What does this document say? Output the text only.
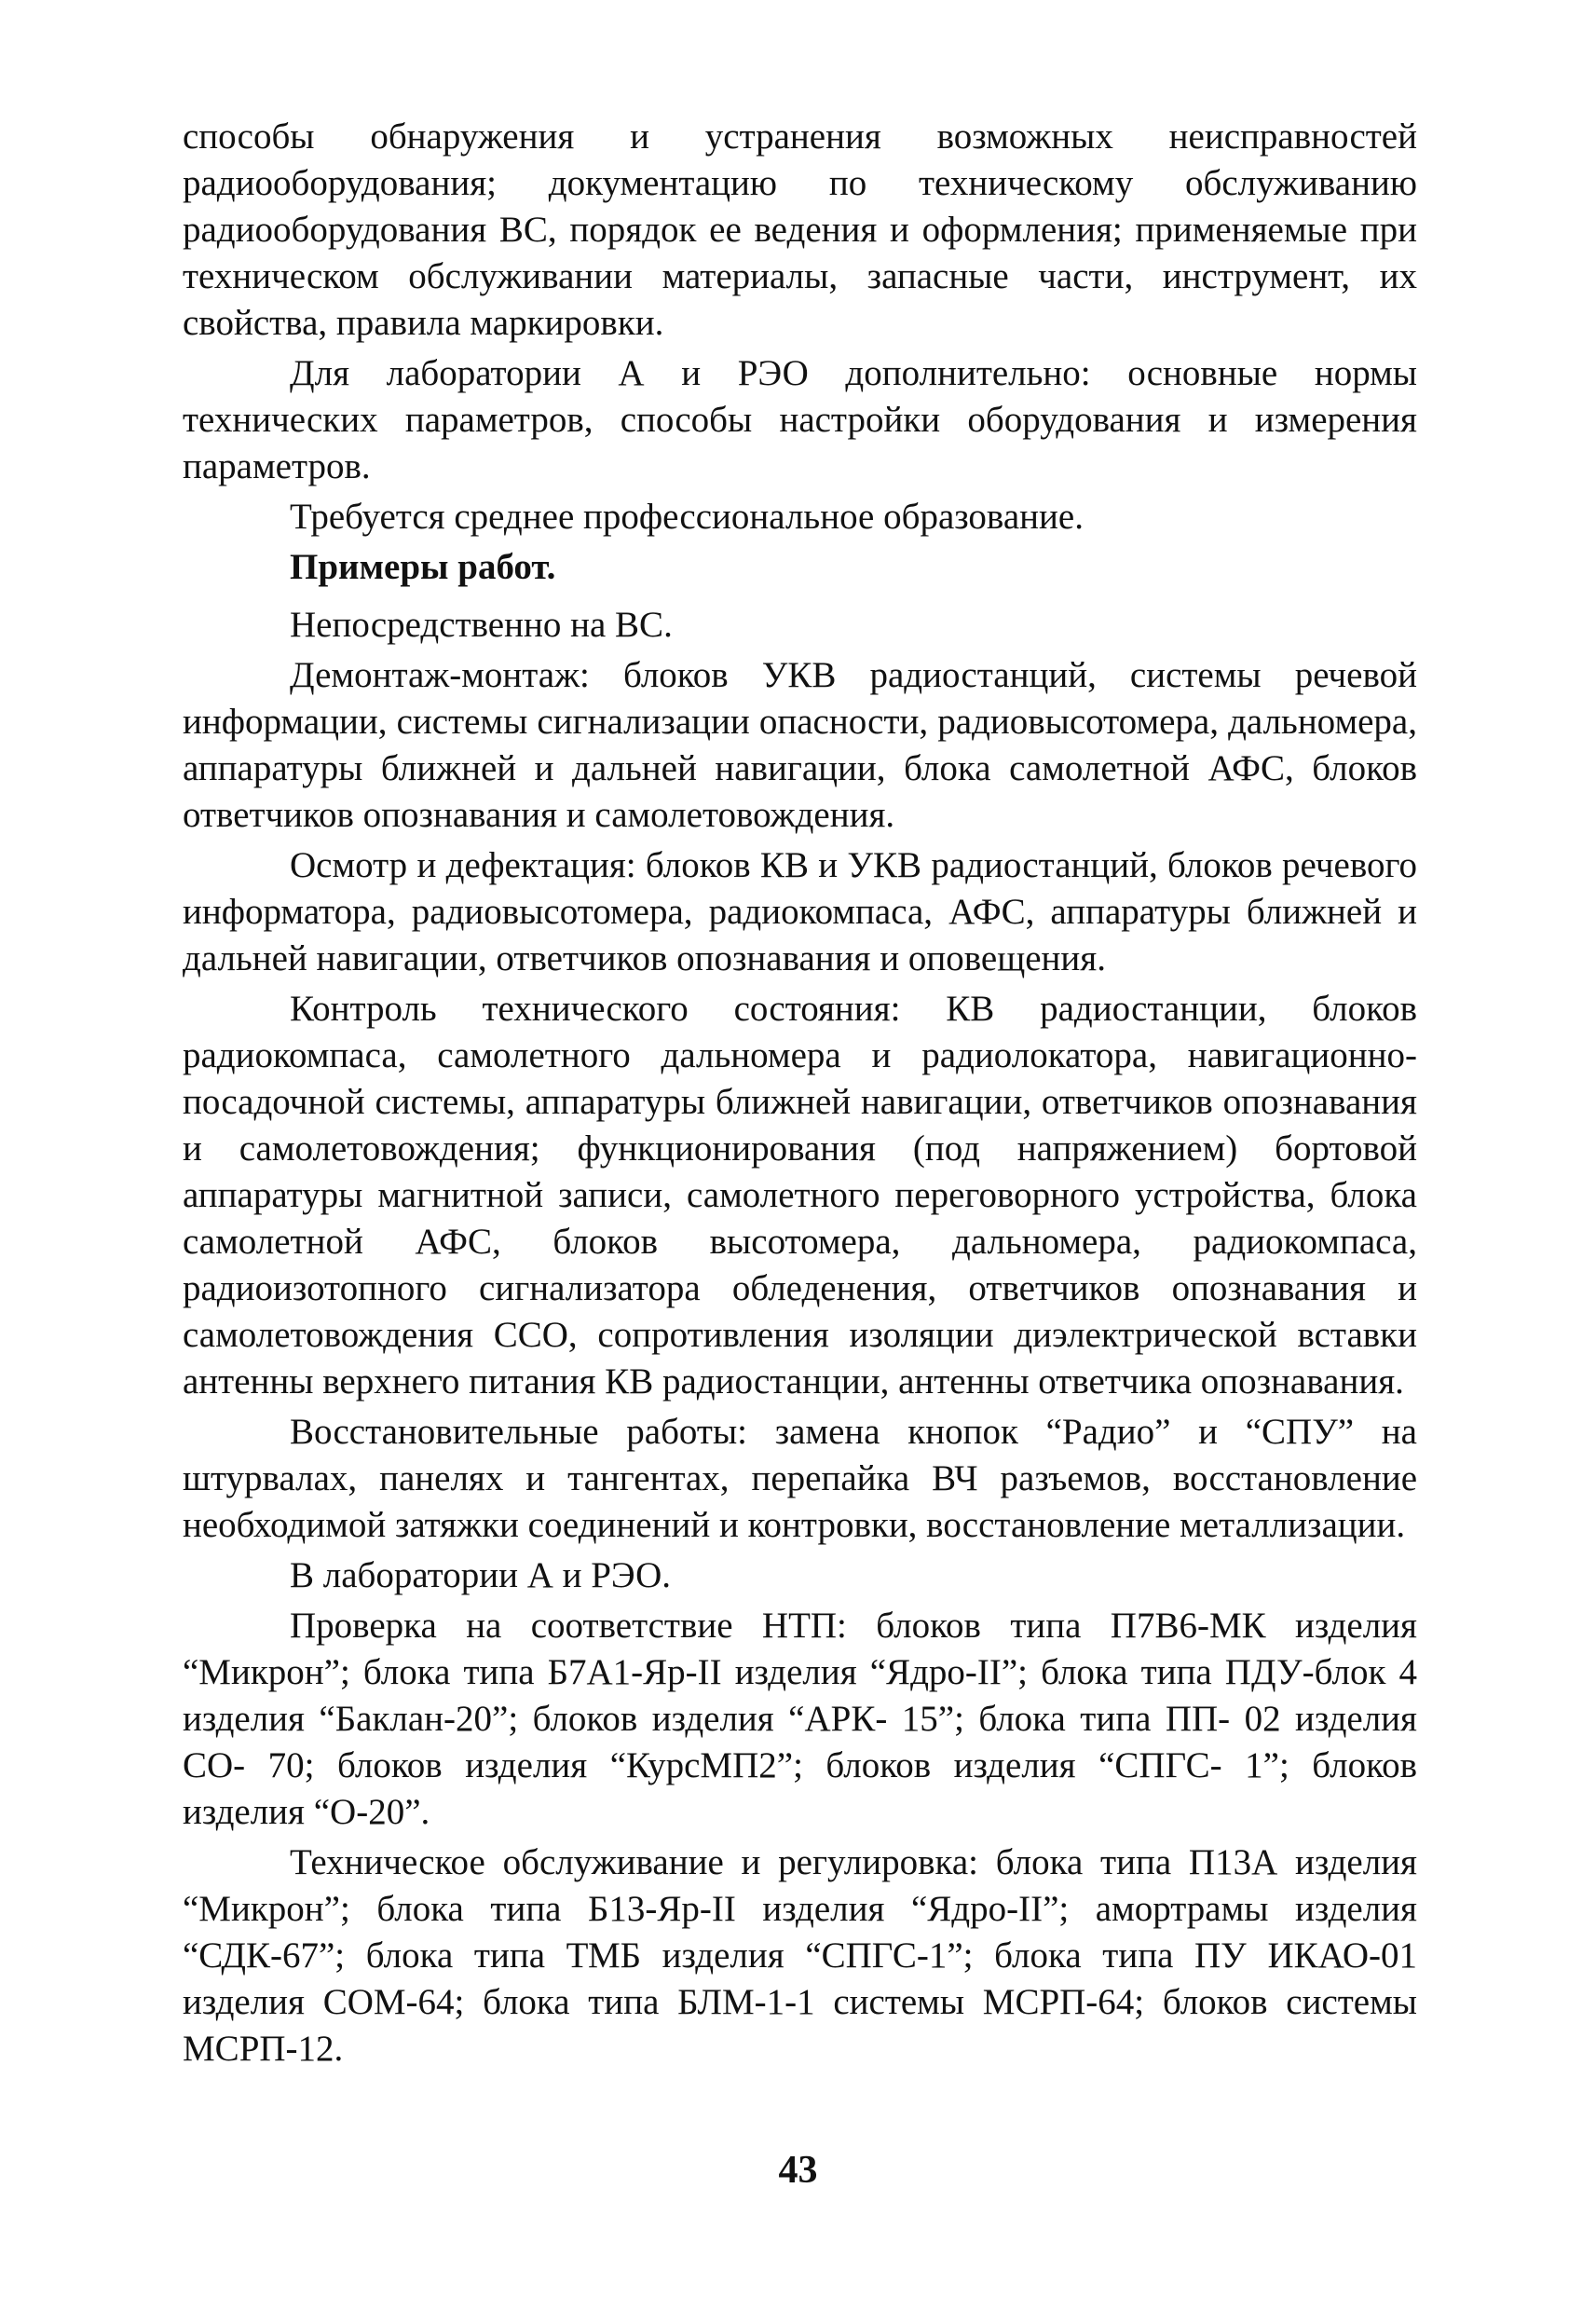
способы обнаружения и устранения возможных неисправностей радиооборудования; документацию по техническому обслуживанию радиооборудования ВС, порядок ее ведения и оформления; применяемые при техническом обслуживании материалы, запасные части, инструмент, их свойства, правила маркировки.

Для лаборатории А и РЭО дополнительно: основные нормы технических параметров, способы настройки оборудования и измерения параметров.

Требуется среднее профессиональное образование.

Примеры работ.

Непосредственно на ВС.

Демонтаж-монтаж: блоков УКВ радиостанций, системы речевой информации, системы сигнализации опасности, радиовысотомера, дальномера, аппаратуры ближней и дальней навигации, блока самолетной АФС, блоков ответчиков опознавания и самолетовождения.

Осмотр и дефектация: блоков КВ и УКВ радиостанций, блоков речевого информатора, радиовысотомера, радиокомпаса, АФС, аппаратуры ближней и дальней навигации, ответчиков опознавания и оповещения.

Контроль технического состояния: КВ радиостанции, блоков радиокомпаса, самолетного дальномера и радиолокатора, навигационно-посадочной системы, аппаратуры ближней навигации, ответчиков опознавания и самолетовождения; функционирования (под напряжением) бортовой аппаратуры магнитной записи, самолетного переговорного устройства, блока самолетной АФС, блоков высотомера, дальномера, радиокомпаса, радиоизотопного сигнализатора обледенения, ответчиков опознавания и самолетовождения ССО, сопротивления изоляции диэлектрической вставки антенны верхнего питания КВ радиостанции, антенны ответчика опознавания.

Восстановительные работы: замена кнопок “Радио” и “СПУ” на штурвалах, панелях и тангентах, перепайка ВЧ разъемов, восстановление необходимой затяжки соединений и контровки, восстановление металлизации.

В лаборатории А и РЭО.

Проверка на соответствие НТП: блоков типа П7В6-МК изделия “Микрон”; блока типа Б7А1-Яр-II изделия “Ядро-II”; блока типа ПДУ-блок 4 изделия “Баклан-20”; блоков изделия “АРК- 15”; блока типа ПП- 02 изделия СО- 70; блоков изделия “КурсМП2”; блоков изделия “СПГС- 1”; блоков изделия “О-20”.

Техническое обслуживание и регулировка: блока типа П13А изделия “Микрон”; блока типа Б13-Яр-II изделия “Ядро-II”; амортрамы изделия “СДК-67”; блока типа ТМБ изделия “СПГС-1”; блока типа ПУ ИКАО-01 изделия СОМ-64; блока типа БЛМ-1-1 системы МСРП-64; блоков системы МСРП-12.

43
